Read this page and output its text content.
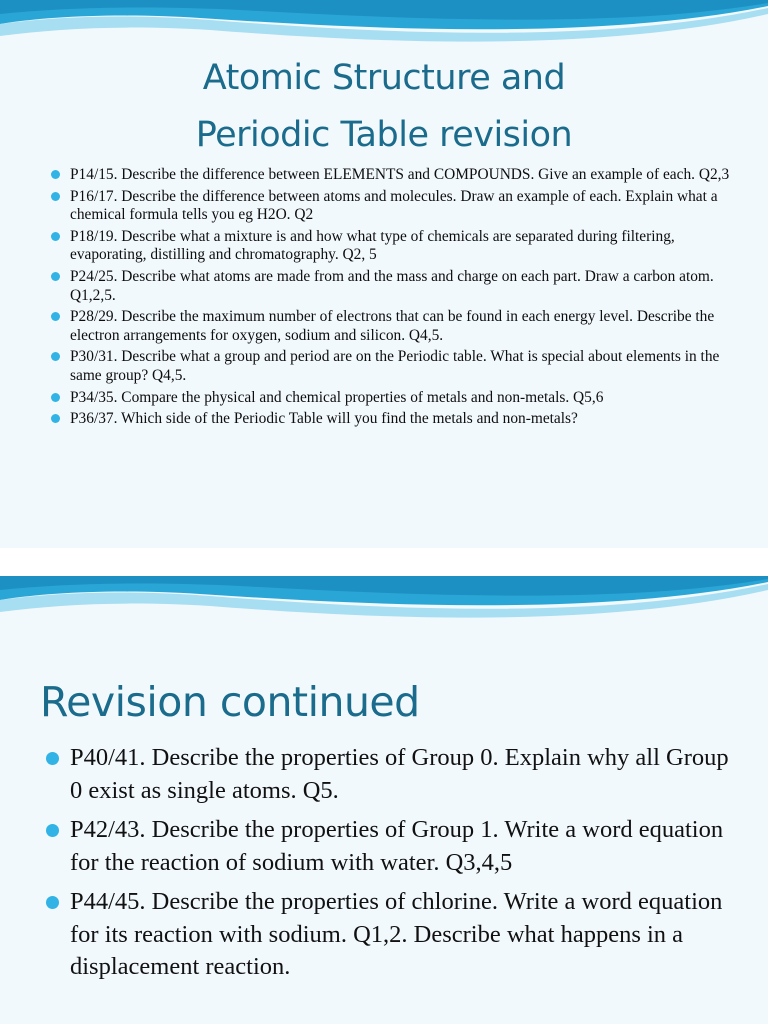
Atomic Structure and
Periodic Table revision
P14/15. Describe the difference between ELEMENTS and COMPOUNDS. Give an example of each. Q2,3
P16/17. Describe the difference between atoms and molecules. Draw an example of each. Explain what a chemical formula tells you eg H2O. Q2
P18/19. Describe what a mixture is and how what type of chemicals are separated during filtering, evaporating, distilling and chromatography. Q2, 5
P24/25. Describe what atoms are made from and the mass and charge on each part. Draw a carbon atom. Q1,2,5.
P28/29. Describe the maximum number of electrons that can be found in each energy level. Describe the electron arrangements for oxygen, sodium and silicon. Q4,5.
P30/31. Describe what a group and period are on the Periodic table. What is special about elements in the same group? Q4,5.
P34/35. Compare the physical and chemical properties of metals and non-metals. Q5,6
P36/37. Which side of the Periodic Table will you find the metals and non-metals?
Revision continued
P40/41. Describe the properties of Group 0. Explain why all Group 0 exist as single atoms. Q5.
P42/43. Describe the properties of Group 1. Write a word equation for the reaction of sodium with water. Q3,4,5
P44/45. Describe the properties of chlorine. Write a word equation for its reaction with sodium. Q1,2. Describe what happens in a displacement reaction.
